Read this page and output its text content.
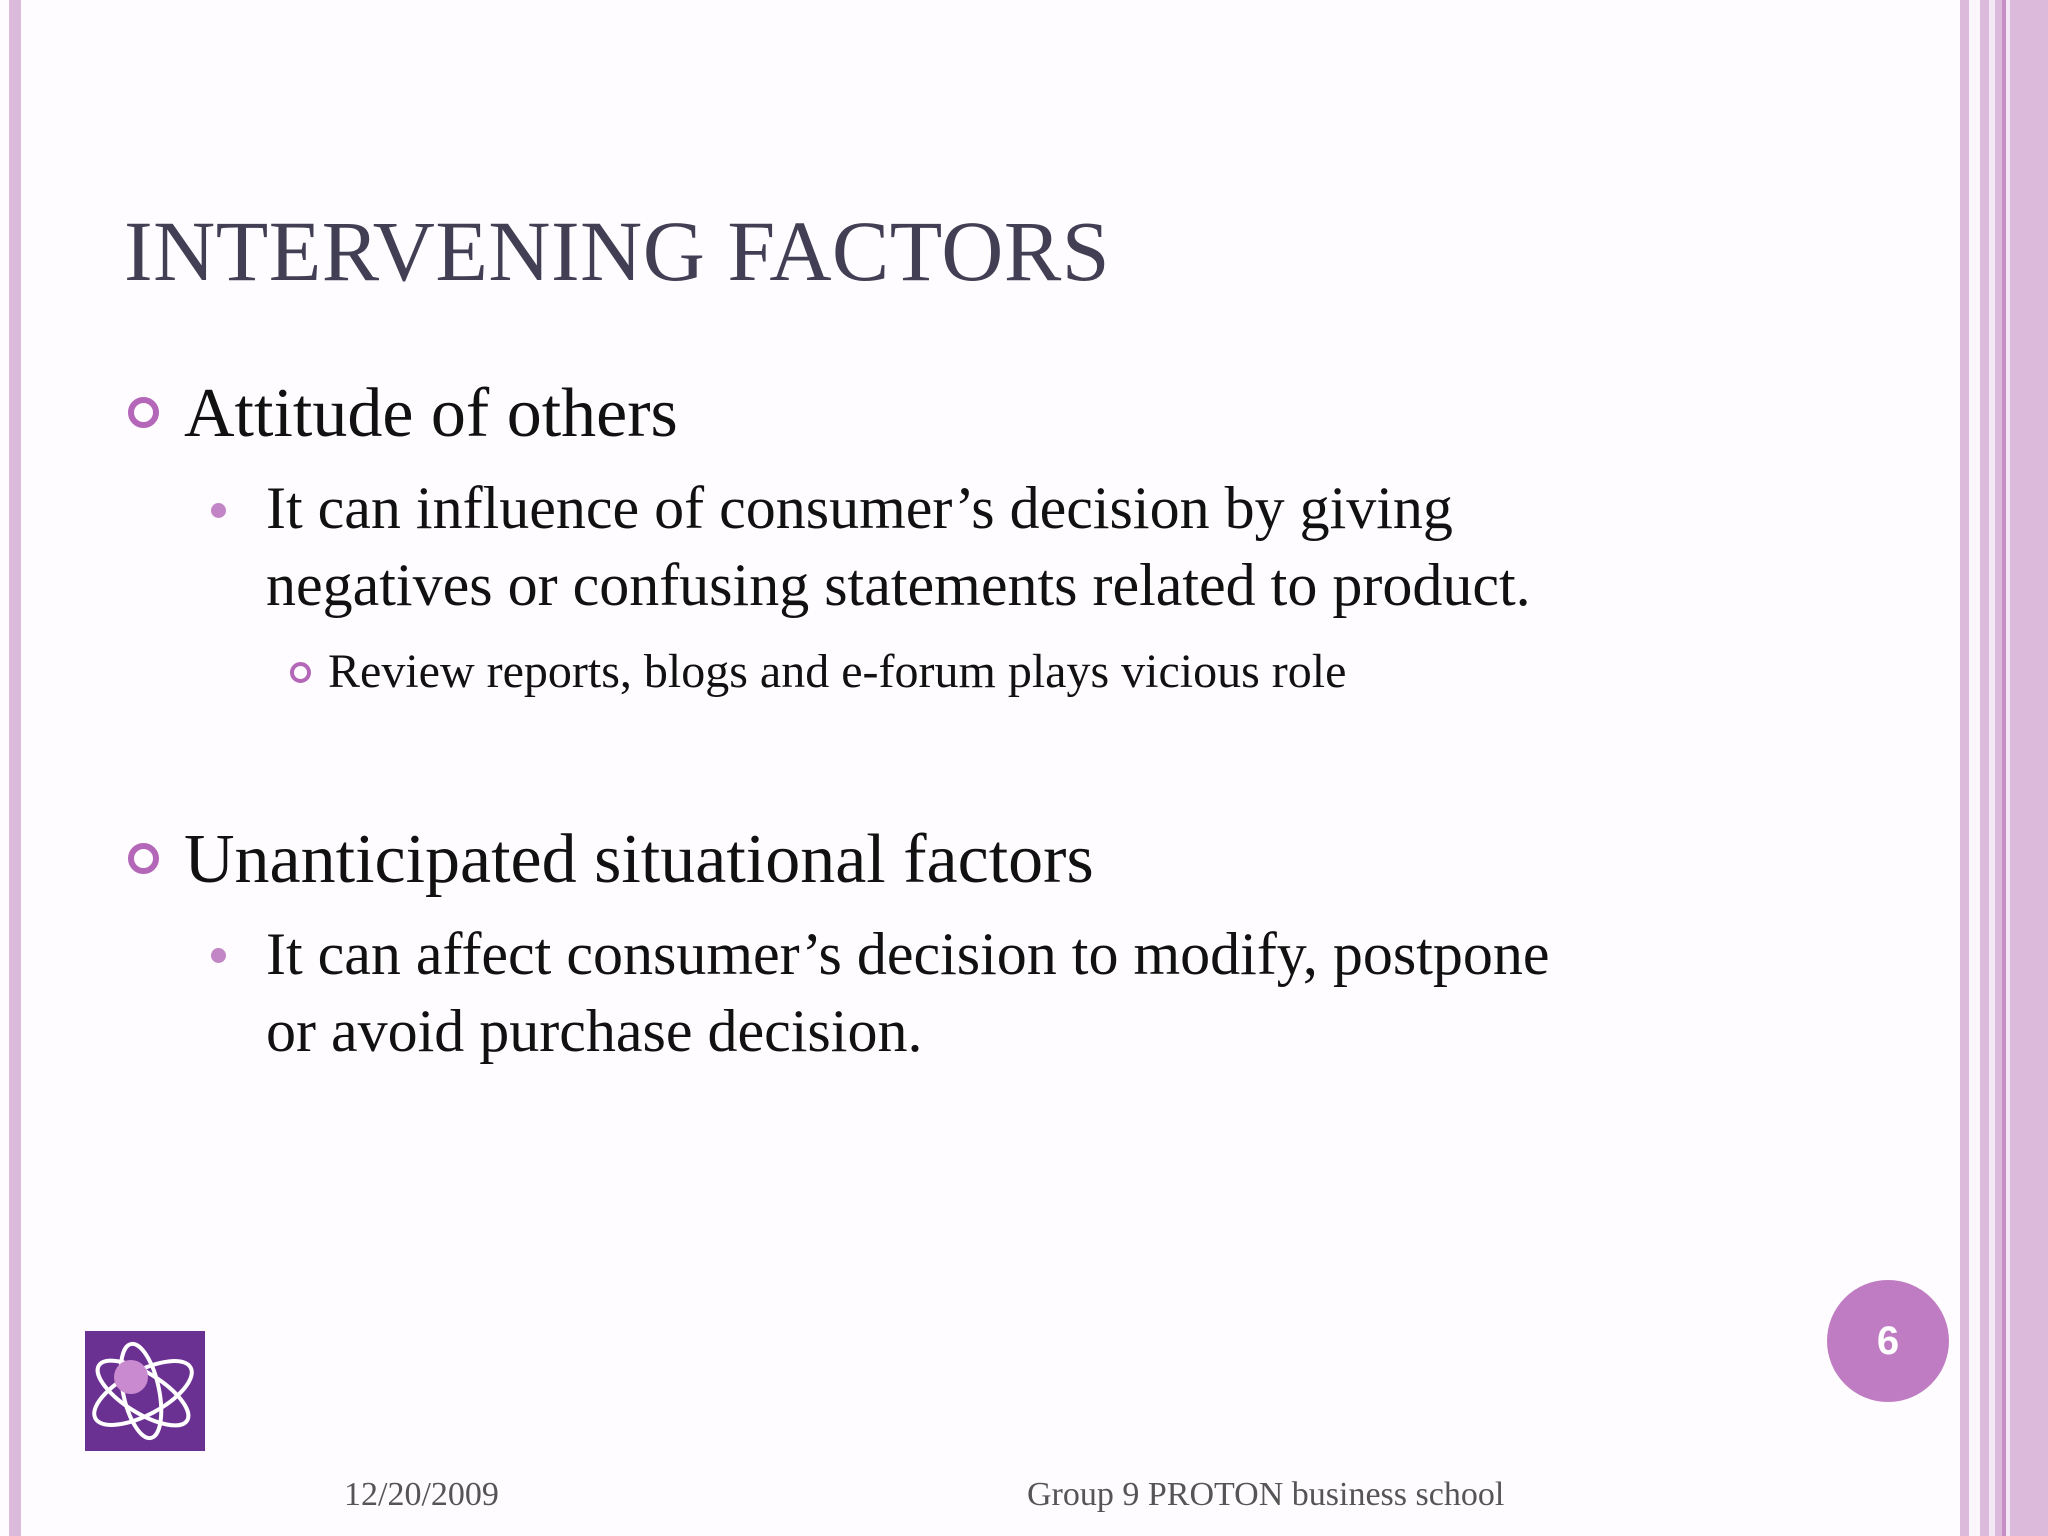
INTERVENING FACTORS
Attitude of others
It can influence of consumer’s decision by giving
negatives or confusing statements related to product.
Review reports, blogs and e-forum plays vicious role
Unanticipated situational factors
It can affect consumer’s decision to modify, postpone
or avoid purchase decision.
6
12/20/2009	Group 9 PROTON business school
